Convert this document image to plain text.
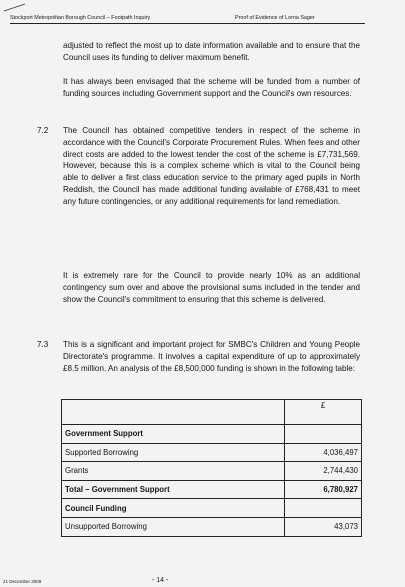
Stockport Metropolitan Borough Council – Footpath Inquiry	Proof of Evidence of Lorna Sager
adjusted to reflect the most up to date information available and to ensure that the Council uses its funding to deliver maximum benefit.
It has always been envisaged that the scheme will be funded from a number of funding sources including Government support and the Council's own resources.
7.2 The Council has obtained competitive tenders in respect of the scheme in accordance with the Council's Corporate Procurement Rules. When fees and other direct costs are added to the lowest tender the cost of the scheme is £7,731,569. However, because this is a complex scheme which is vital to the Council being able to deliver a first class education service to the primary aged pupils in North Reddish, the Council has made additional funding available of £768,431 to meet any future contingencies, or any additional requirements for land remediation.
It is extremely rare for the Council to provide nearly 10% as an additional contingency sum over and above the provisional sums included in the tender and show the Council's commitment to ensuring that this scheme is delivered.
7.3 This is a significant and important project for SMBC's Children and Young People Directorate's programme. It involves a capital expenditure of up to approximately £8.5 million. An analysis of the £8,500,000 funding is shown in the following table:
	£
Government Support	
Supported Borrowing	4,036,497
Grants	2,744,430
Total – Government Support	6,780,927
Council Funding	
Unsupported Borrowing	43,073
21 December 2009	- 14 -
